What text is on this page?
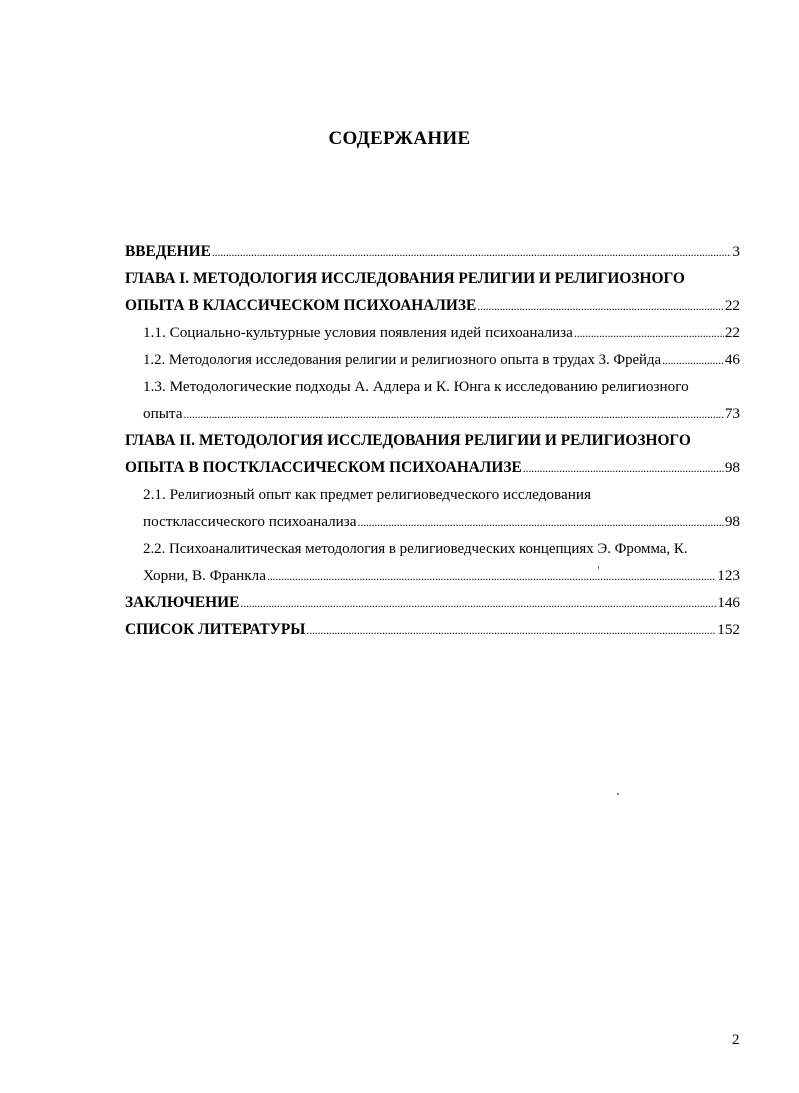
СОДЕРЖАНИЕ
ВВЕДЕНИЕ . . .	3
ГЛАВА I. МЕТОДОЛОГИЯ ИССЛЕДОВАНИЯ РЕЛИГИИ И РЕЛИГИОЗНОГО
ОПЫТА В КЛАССИЧЕСКОМ ПСИХОАНАЛИЗЕ . . .	22
1.1. Социально-культурные условия появления идей психоанализа . . .	22
1.2. Методология исследования религии и религиозного опыта в трудах З. Фрейда . . .	46
1.3. Методологические подходы А. Адлера и К. Юнга к исследованию религиозного
опыта . . .	73
ГЛАВА II. МЕТОДОЛОГИЯ ИССЛЕДОВАНИЯ РЕЛИГИИ И РЕЛИГИОЗНОГО
ОПЫТА В ПОСТКЛАССИЧЕСКОМ ПСИХОАНАЛИЗЕ . . .	98
2.1. Религиозный опыт как предмет религиоведческого исследования
постклассического психоанализа . . .	98
2.2. Психоаналитическая методология в религиоведческих концепциях Э. Фромма, К.
Хорни, В. Франкла . . .	123
ЗАКЛЮЧЕНИЕ . . .	146
СПИСОК ЛИТЕРАТУРЫ . . .	152
2
